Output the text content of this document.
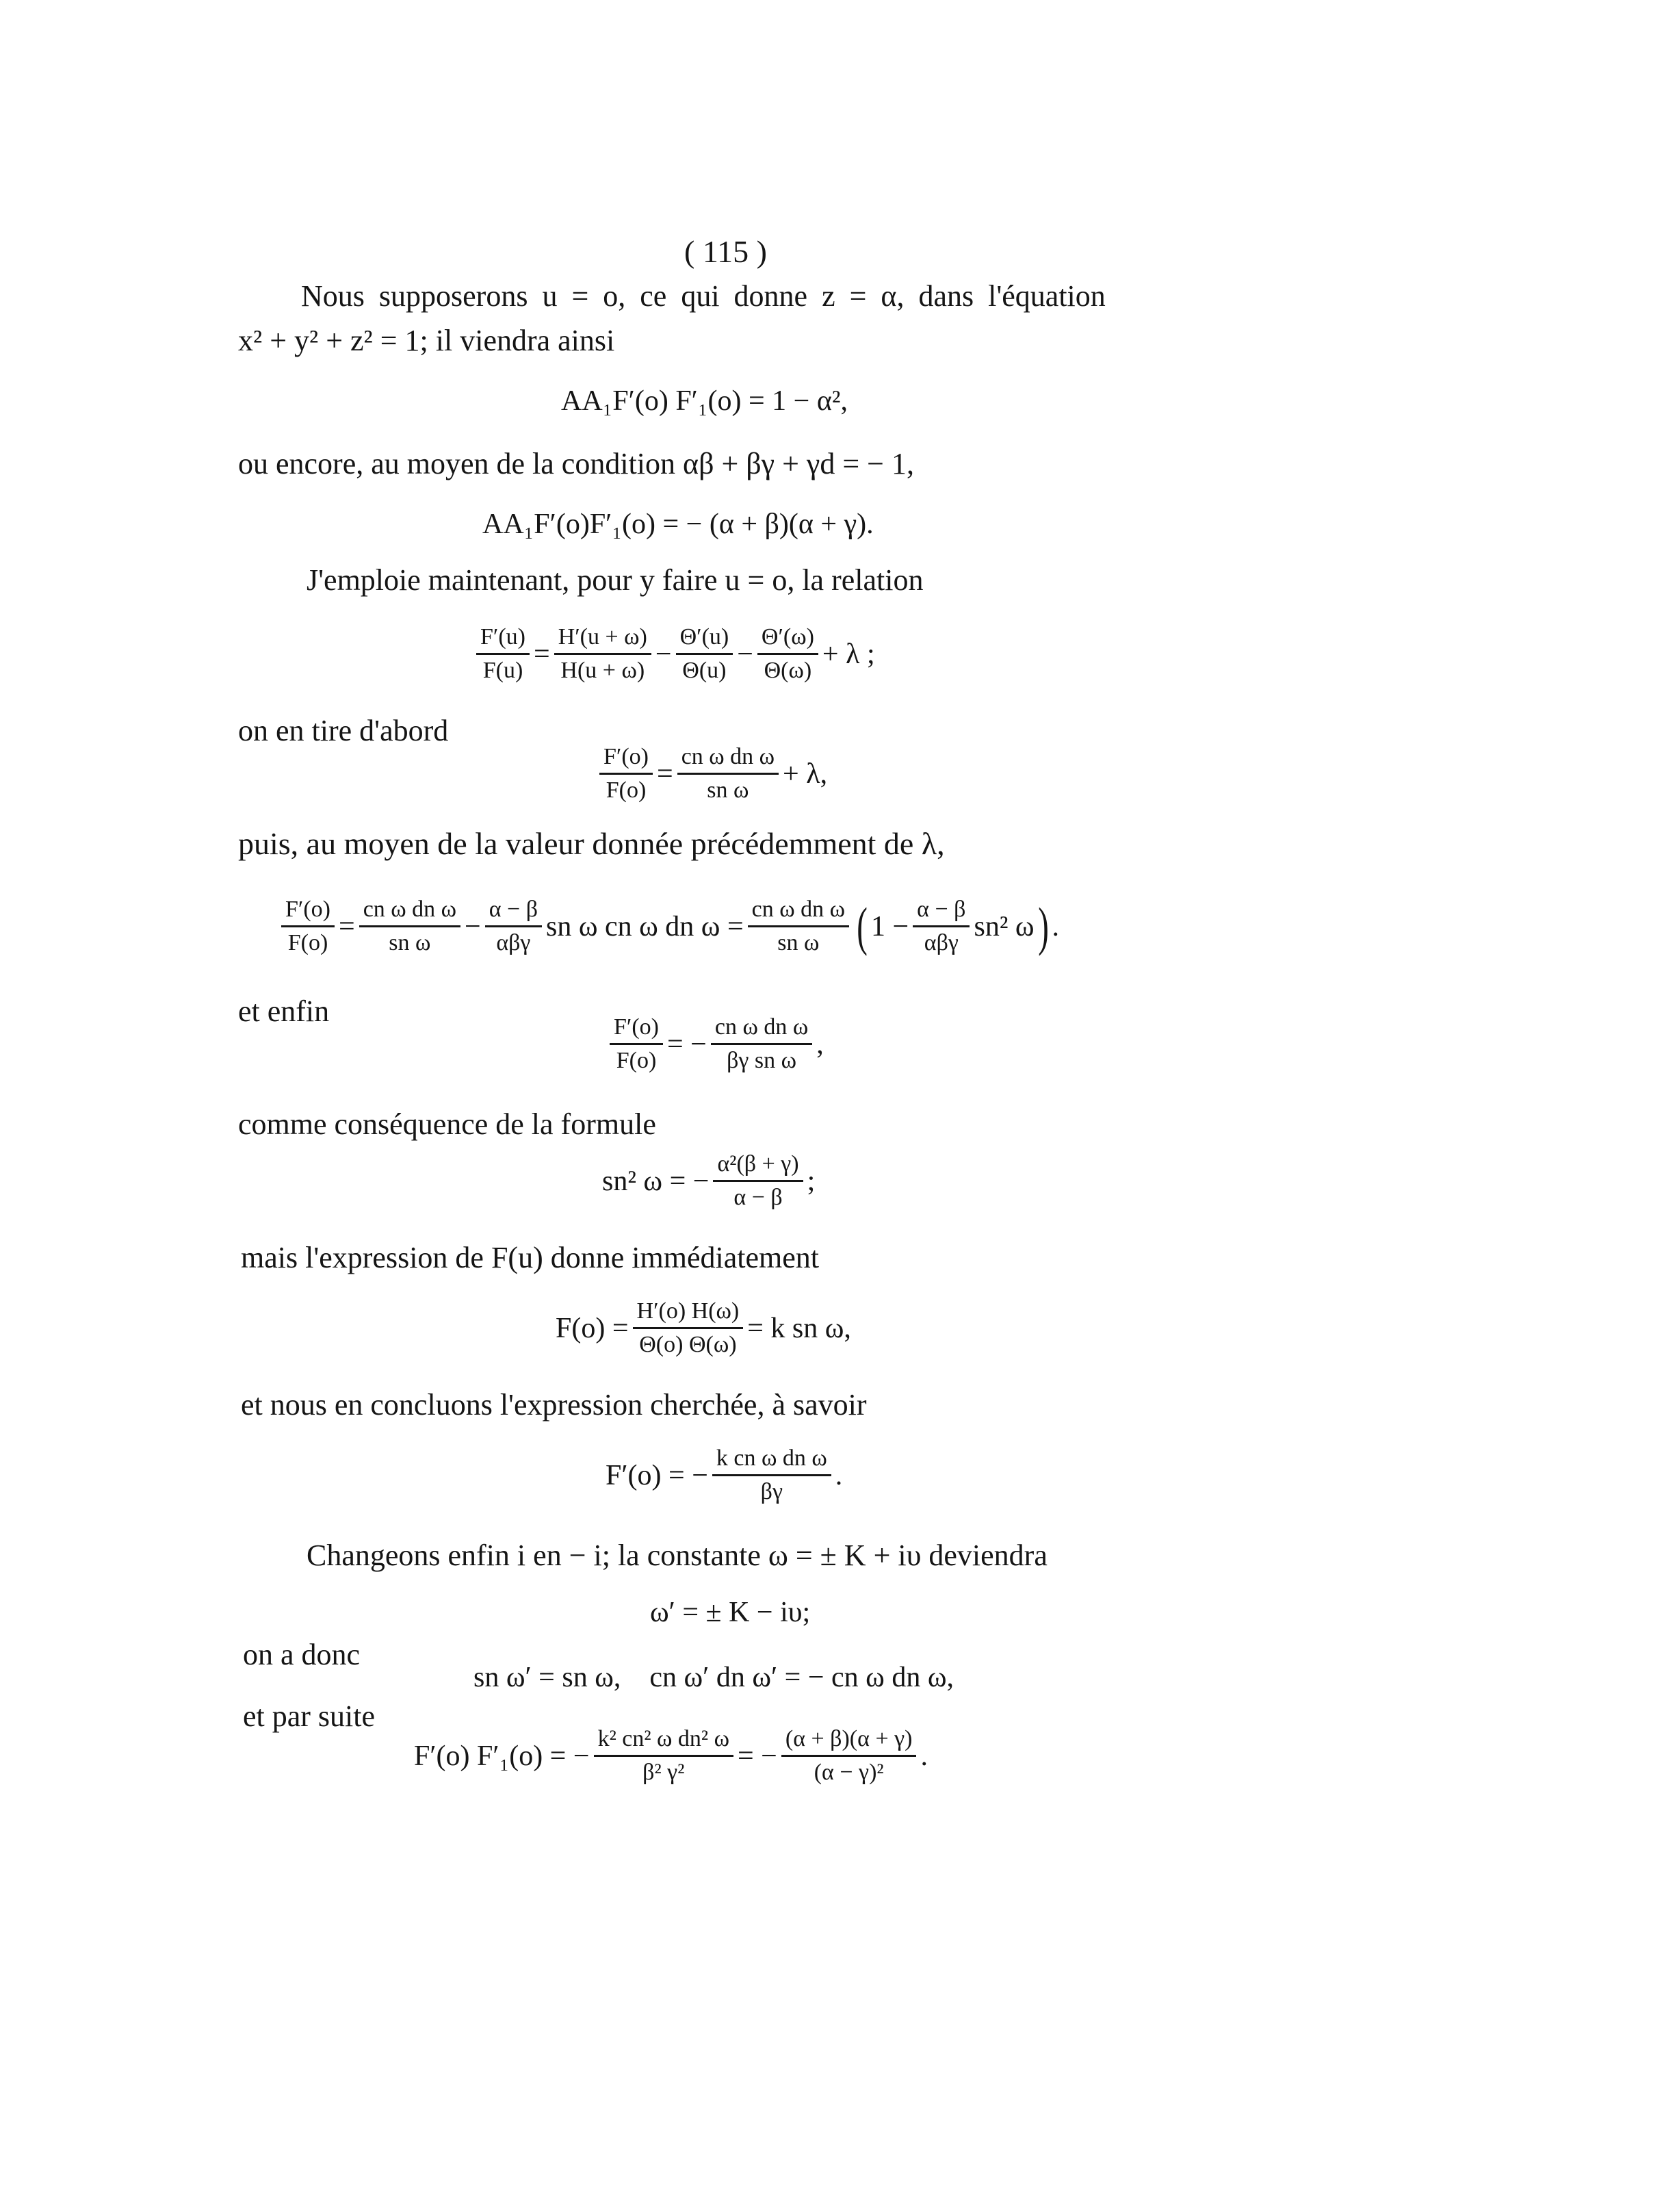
( 115 )
Nous supposerons u = o, ce qui donne z = α, dans l'équation
x² + y² + z² = 1; il viendra ainsi
AA₁F′(o) F′₁(o) = 1 − α²,
ou encore, au moyen de la condition αβ + βγ + γd = − 1,
AA₁F′(o)F′₁(o) = − (α + β)(α + γ).
J'emploie maintenant, pour y faire u = o, la relation
$\frac{F'(u)}{F(u)} = \frac{H'(u + \omega)}{H(u + \omega)} - \frac{\Theta'(u)}{\Theta(u)} - \frac{\Theta'(\omega)}{\Theta(\omega)} + \lambda$ ;
on en tire d'abord
$\frac{F'(o)}{F(o)} = \frac{\text{cn ω dn ω}}{\text{sn ω}} + \lambda$,
puis, au moyen de la valeur donnée précédemment de λ,
$\frac{F'(o)}{F(o)} = \frac{\text{cn ω dn ω}}{\text{sn ω}} - \frac{\alpha - \beta}{\text{αβγ}}$ sn ω cn ω dn $\omega = \frac{\text{cn ω dn ω}}{\text{sn ω}}$ ( $1 - \frac{\alpha - \beta}{\text{αβγ}} sn^2$ ω ) .
et enfin
$\frac{F'(o)}{F(o)}$ = − $\frac{\text{cn ω dn ω}}{\text{βγ sn ω}}$ ,
comme conséquence de la formule
sn² ω = − $\frac{\text{α²(β + γ)}}{\alpha - \beta}$ ;
mais l'expression de F(u) donne immédiatement
$F(o) = \frac{H'(o) H(\omega)}{\Theta(o) \Theta(\omega)} = k$ sn ω,
et nous en concluons l'expression cherchée, à savoir
F′(o) = − $\frac{\text{k cn ω dn ω}}{\beta\gamma}$ .
Changeons enfin i en − i; la constante ω = ± K + iυ deviendra
ω′ = ± K − iυ;
on a donc
sn ω′ = sn ω,    cn ω′ dn ω′ = − cn ω dn ω,
et par suite
F′(o) F′₁(o) = − $\frac{\text{k² cn² ω dn² ω}}{\text{β² γ²}}$ = − $\frac{(\alpha + \beta)(\alpha + \gamma)}{\text{(α − γ)²}}$ .
